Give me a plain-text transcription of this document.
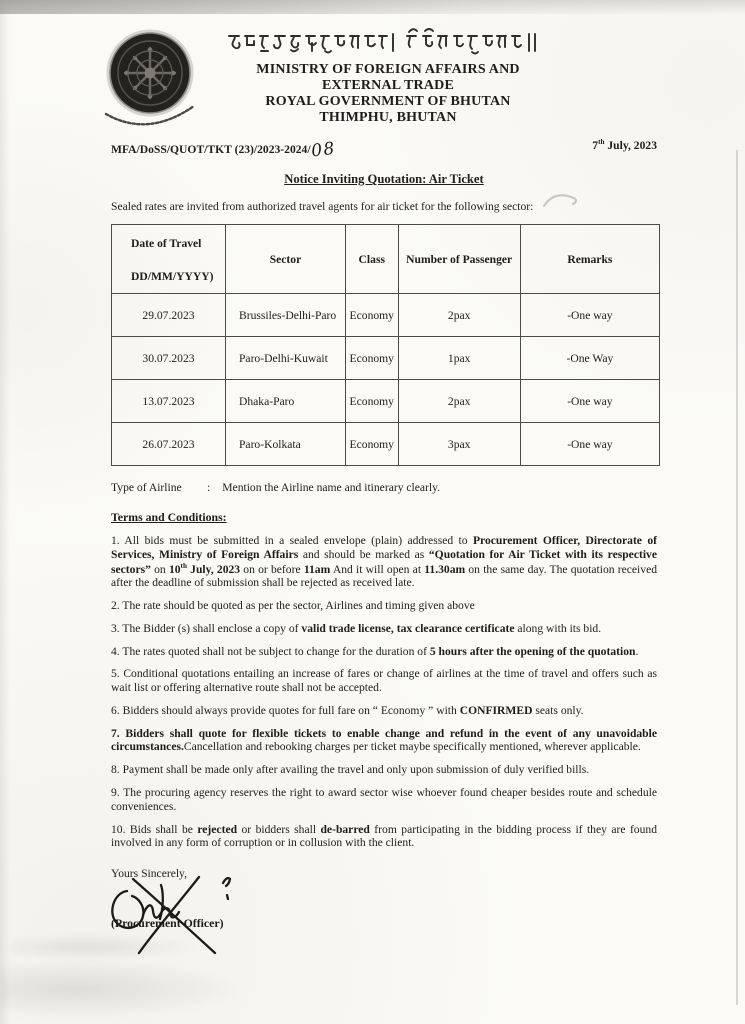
MINISTRY OF FOREIGN AFFAIRS AND
EXTERNAL TRADE
ROYAL GOVERNMENT OF BHUTAN
THIMPHU, BHUTAN
MFA/DoSS/QUOT/TKT (23)/2023-2024/08	7th July, 2023
Notice Inviting Quotation: Air Ticket
Sealed rates are invited from authorized travel agents for air ticket for the following sector:
Date of Travel
DD/MM/YYYY)	Sector	Class	Number of Passenger	Remarks

29.07.2023	Brussiles-Delhi-Paro	Economy	2pax	-One way
30.07.2023	Paro-Delhi-Kuwait	Economy	1pax	-One Way
13.07.2023	Dhaka-Paro	Economy	2pax	-One way
26.07.2023	Paro-Kolkata	Economy	3pax	-One way
Type of Airline : Mention the Airline name and itinerary clearly.
Terms and Conditions:

1. All bids must be submitted in a sealed envelope (plain) addressed to Procurement Officer, Directorate of Services, Ministry of Foreign Affairs and should be marked as “Quotation for Air Ticket with its respective sectors” on 10th July, 2023 on or before 11am And it will open at 11.30am on the same day. The quotation received after the deadline of submission shall be rejected as received late.

2. The rate should be quoted as per the sector, Airlines and timing given above

3. The Bidder (s) shall enclose a copy of valid trade license, tax clearance certificate along with its bid.

4. The rates quoted shall not be subject to change for the duration of 5 hours after the opening of the quotation.

5. Conditional quotations entailing an increase of fares or change of airlines at the time of travel and offers such as wait list or offering alternative route shall not be accepted.

6. Bidders should always provide quotes for full fare on “ Economy ” with CONFIRMED seats only.

7. Bidders shall quote for flexible tickets to enable change and refund in the event of any unavoidable circumstances.Cancellation and rebooking charges per ticket maybe specifically mentioned, wherever applicable.

8. Payment shall be made only after availing the travel and only upon submission of duly verified bills.

9. The procuring agency reserves the right to award sector wise whoever found cheaper besides route and schedule conveniences.

10. Bids shall be rejected or bidders shall de-barred from participating in the bidding process if they are found involved in any form of corruption or in collusion with the client.

Yours Sincerely,
(Procurement Officer)
